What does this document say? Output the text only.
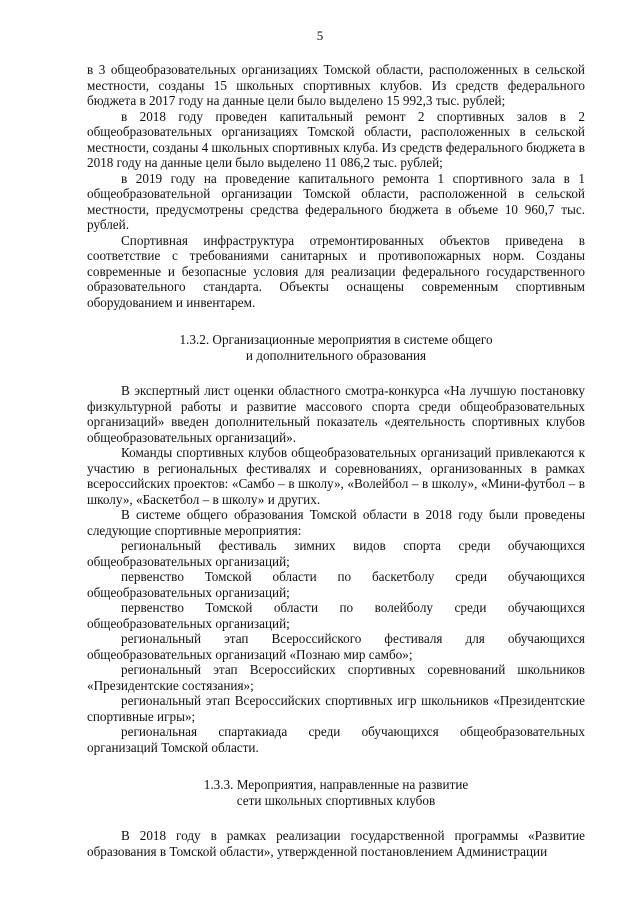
5

в 3 общеобразовательных организациях Томской области, расположенных в сельской местности, созданы 15 школьных спортивных клубов. Из средств федерального бюджета в 2017 году на данные цели было выделено 15 992,3 тыс. рублей;

в 2018 году проведен капитальный ремонт 2 спортивных залов в 2 общеобразовательных организациях Томской области, расположенных в сельской местности, созданы 4 школьных спортивных клуба. Из средств федерального бюджета в 2018 году на данные цели было выделено 11 086,2 тыс. рублей;

в 2019 году на проведение капитального ремонта 1 спортивного зала в 1 общеобразовательной организации Томской области, расположенной в сельской местности, предусмотрены средства федерального бюджета в объеме 10 960,7 тыс. рублей.

Спортивная инфраструктура отремонтированных объектов приведена в соответствие с требованиями санитарных и противопожарных норм. Созданы современные и безопасные условия для реализации федерального государственного образовательного стандарта. Объекты оснащены современным спортивным оборудованием и инвентарем.

1.3.2. Организационные мероприятия в системе общего
и дополнительного образования

В экспертный лист оценки областного смотра-конкурса «На лучшую постановку физкультурной работы и развитие массового спорта среди общеобразовательных организаций» введен дополнительный показатель «деятельность спортивных клубов общеобразовательных организаций».

Команды спортивных клубов общеобразовательных организаций привлекаются к участию в региональных фестивалях и соревнованиях, организованных в рамках всероссийских проектов: «Самбо – в школу», «Волейбол – в школу», «Мини-футбол – в школу», «Баскетбол – в школу» и других.

В системе общего образования Томской области в 2018 году были проведены следующие спортивные мероприятия:

региональный фестиваль зимних видов спорта среди обучающихся общеобразовательных организаций;

первенство Томской области по баскетболу среди обучающихся общеобразовательных организаций;

первенство Томской области по волейболу среди обучающихся общеобразовательных организаций;

региональный этап Всероссийского фестиваля для обучающихся общеобразовательных организаций «Познаю мир самбо»;

региональный этап Всероссийских спортивных соревнований школьников «Президентские состязания»;

региональный этап Всероссийских спортивных игр школьников «Президентские спортивные игры»;

региональная спартакиада среди обучающихся общеобразовательных организаций Томской области.

1.3.3. Мероприятия, направленные на развитие
сети школьных спортивных клубов

В 2018 году в рамках реализации государственной программы «Развитие образования в Томской области», утвержденной постановлением Администрации
